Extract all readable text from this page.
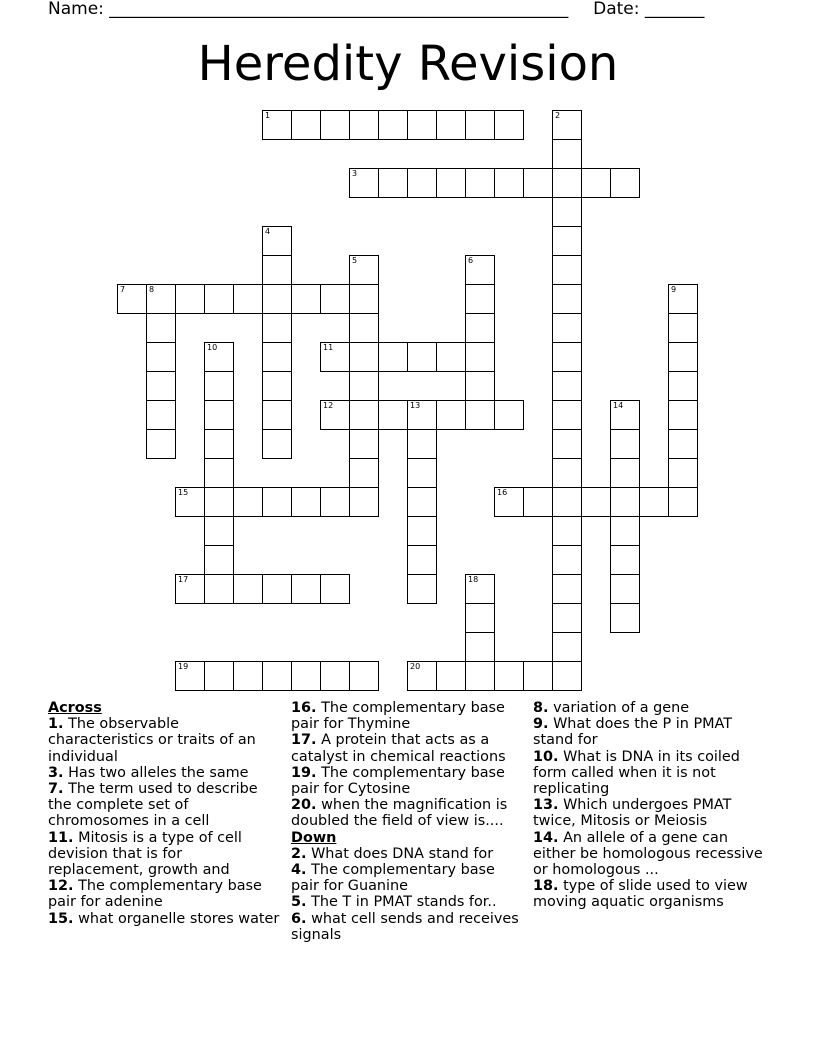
Name: ______________________________________________________ Date: _______
Heredity Revision
1	2
3
4
5	6
7	8	9
10	11
12	13	14
15	16
17	18
19	20
Across
1. The observable characteristics or traits of an individual
3. Has two alleles the same
7. The term used to describe the complete set of chromosomes in a cell
11. Mitosis is a type of cell devision that is for replacement, growth and
12. The complementary base pair for adenine
15. what organelle stores water
16. The complementary base pair for Thymine
17. A protein that acts as a catalyst in chemical reactions
19. The complementary base pair for Cytosine
20. when the magnification is doubled the field of view is....
Down
2. What does DNA stand for
4. The complementary base pair for Guanine
5. The T in PMAT stands for..
6. what cell sends and receives signals
8. variation of a gene
9. What does the P in PMAT stand for
10. What is DNA in its coiled form called when it is not replicating
13. Which undergoes PMAT twice, Mitosis or Meiosis
14. An allele of a gene can either be homologous recessive or homologous ...
18. type of slide used to view moving aquatic organisms
